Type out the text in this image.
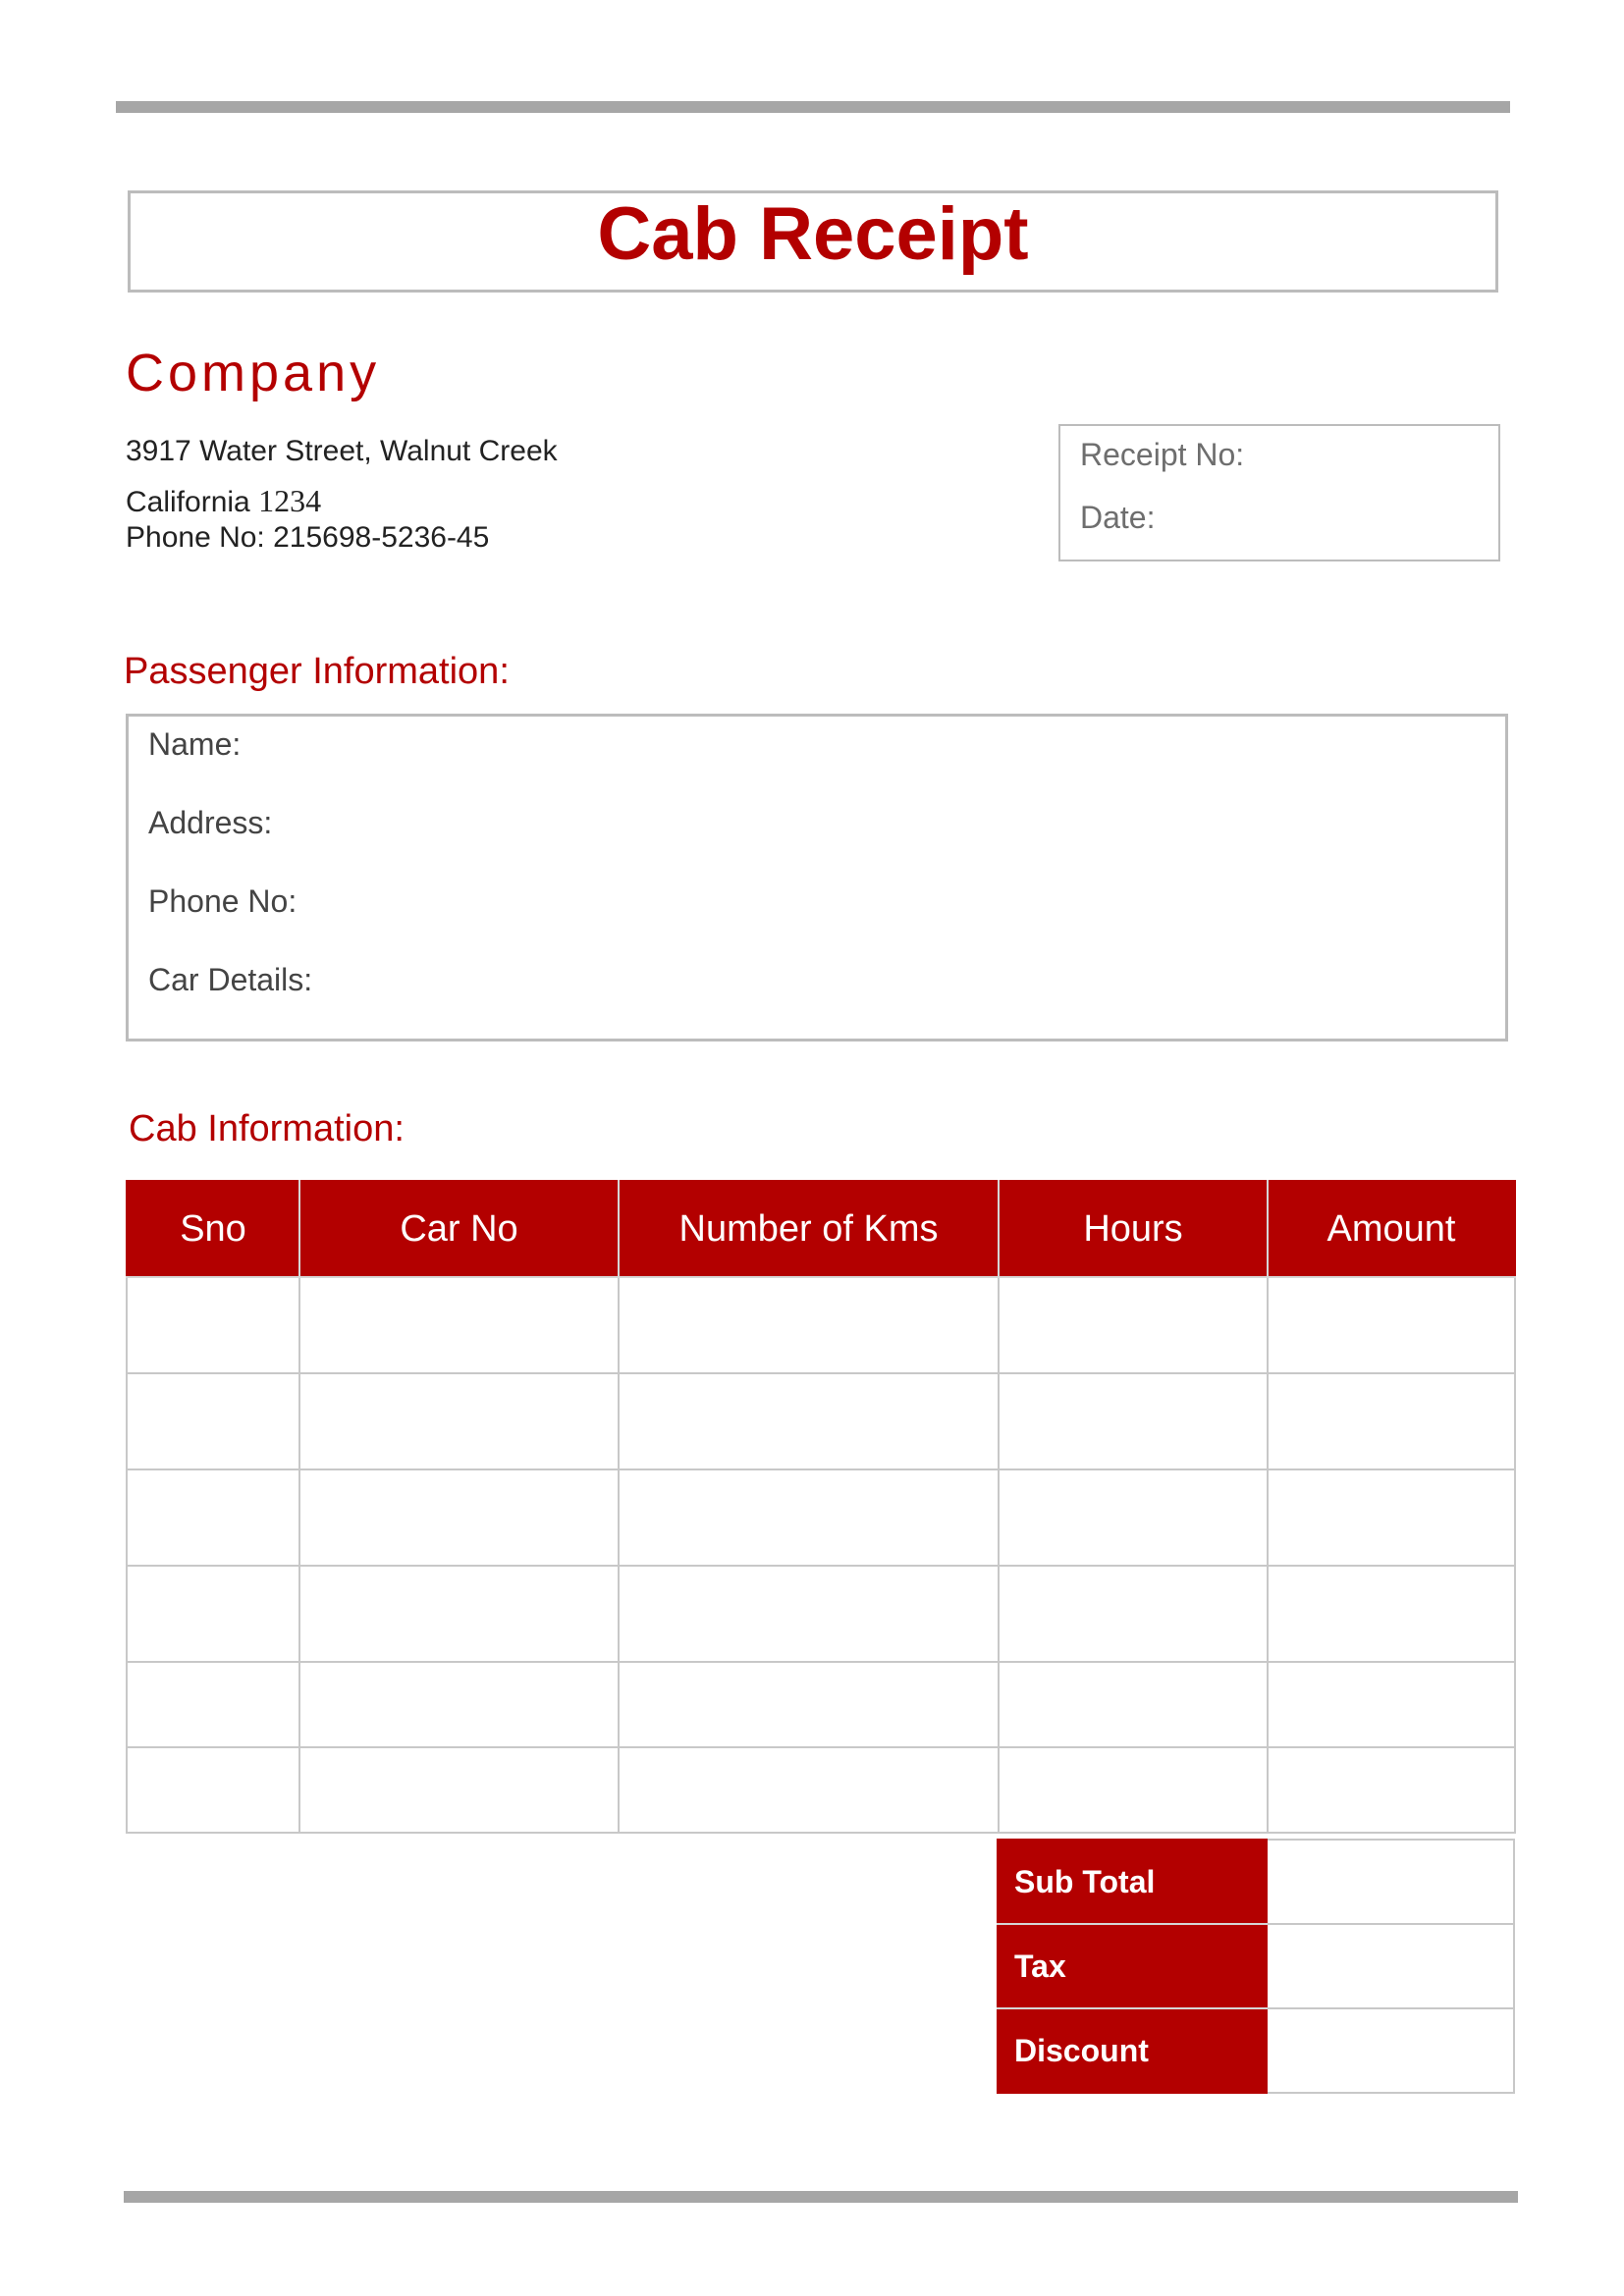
Cab Receipt
Company
3917 Water Street, Walnut Creek
California 1234
Phone No: 215698-5236-45
Receipt No:
Date:
Passenger Information:
Name:
Address:
Phone No:
Car Details:
Cab Information:
Sno	Car No	Number of Kms	Hours	Amount

Sub Total	
Tax	
Discount	
